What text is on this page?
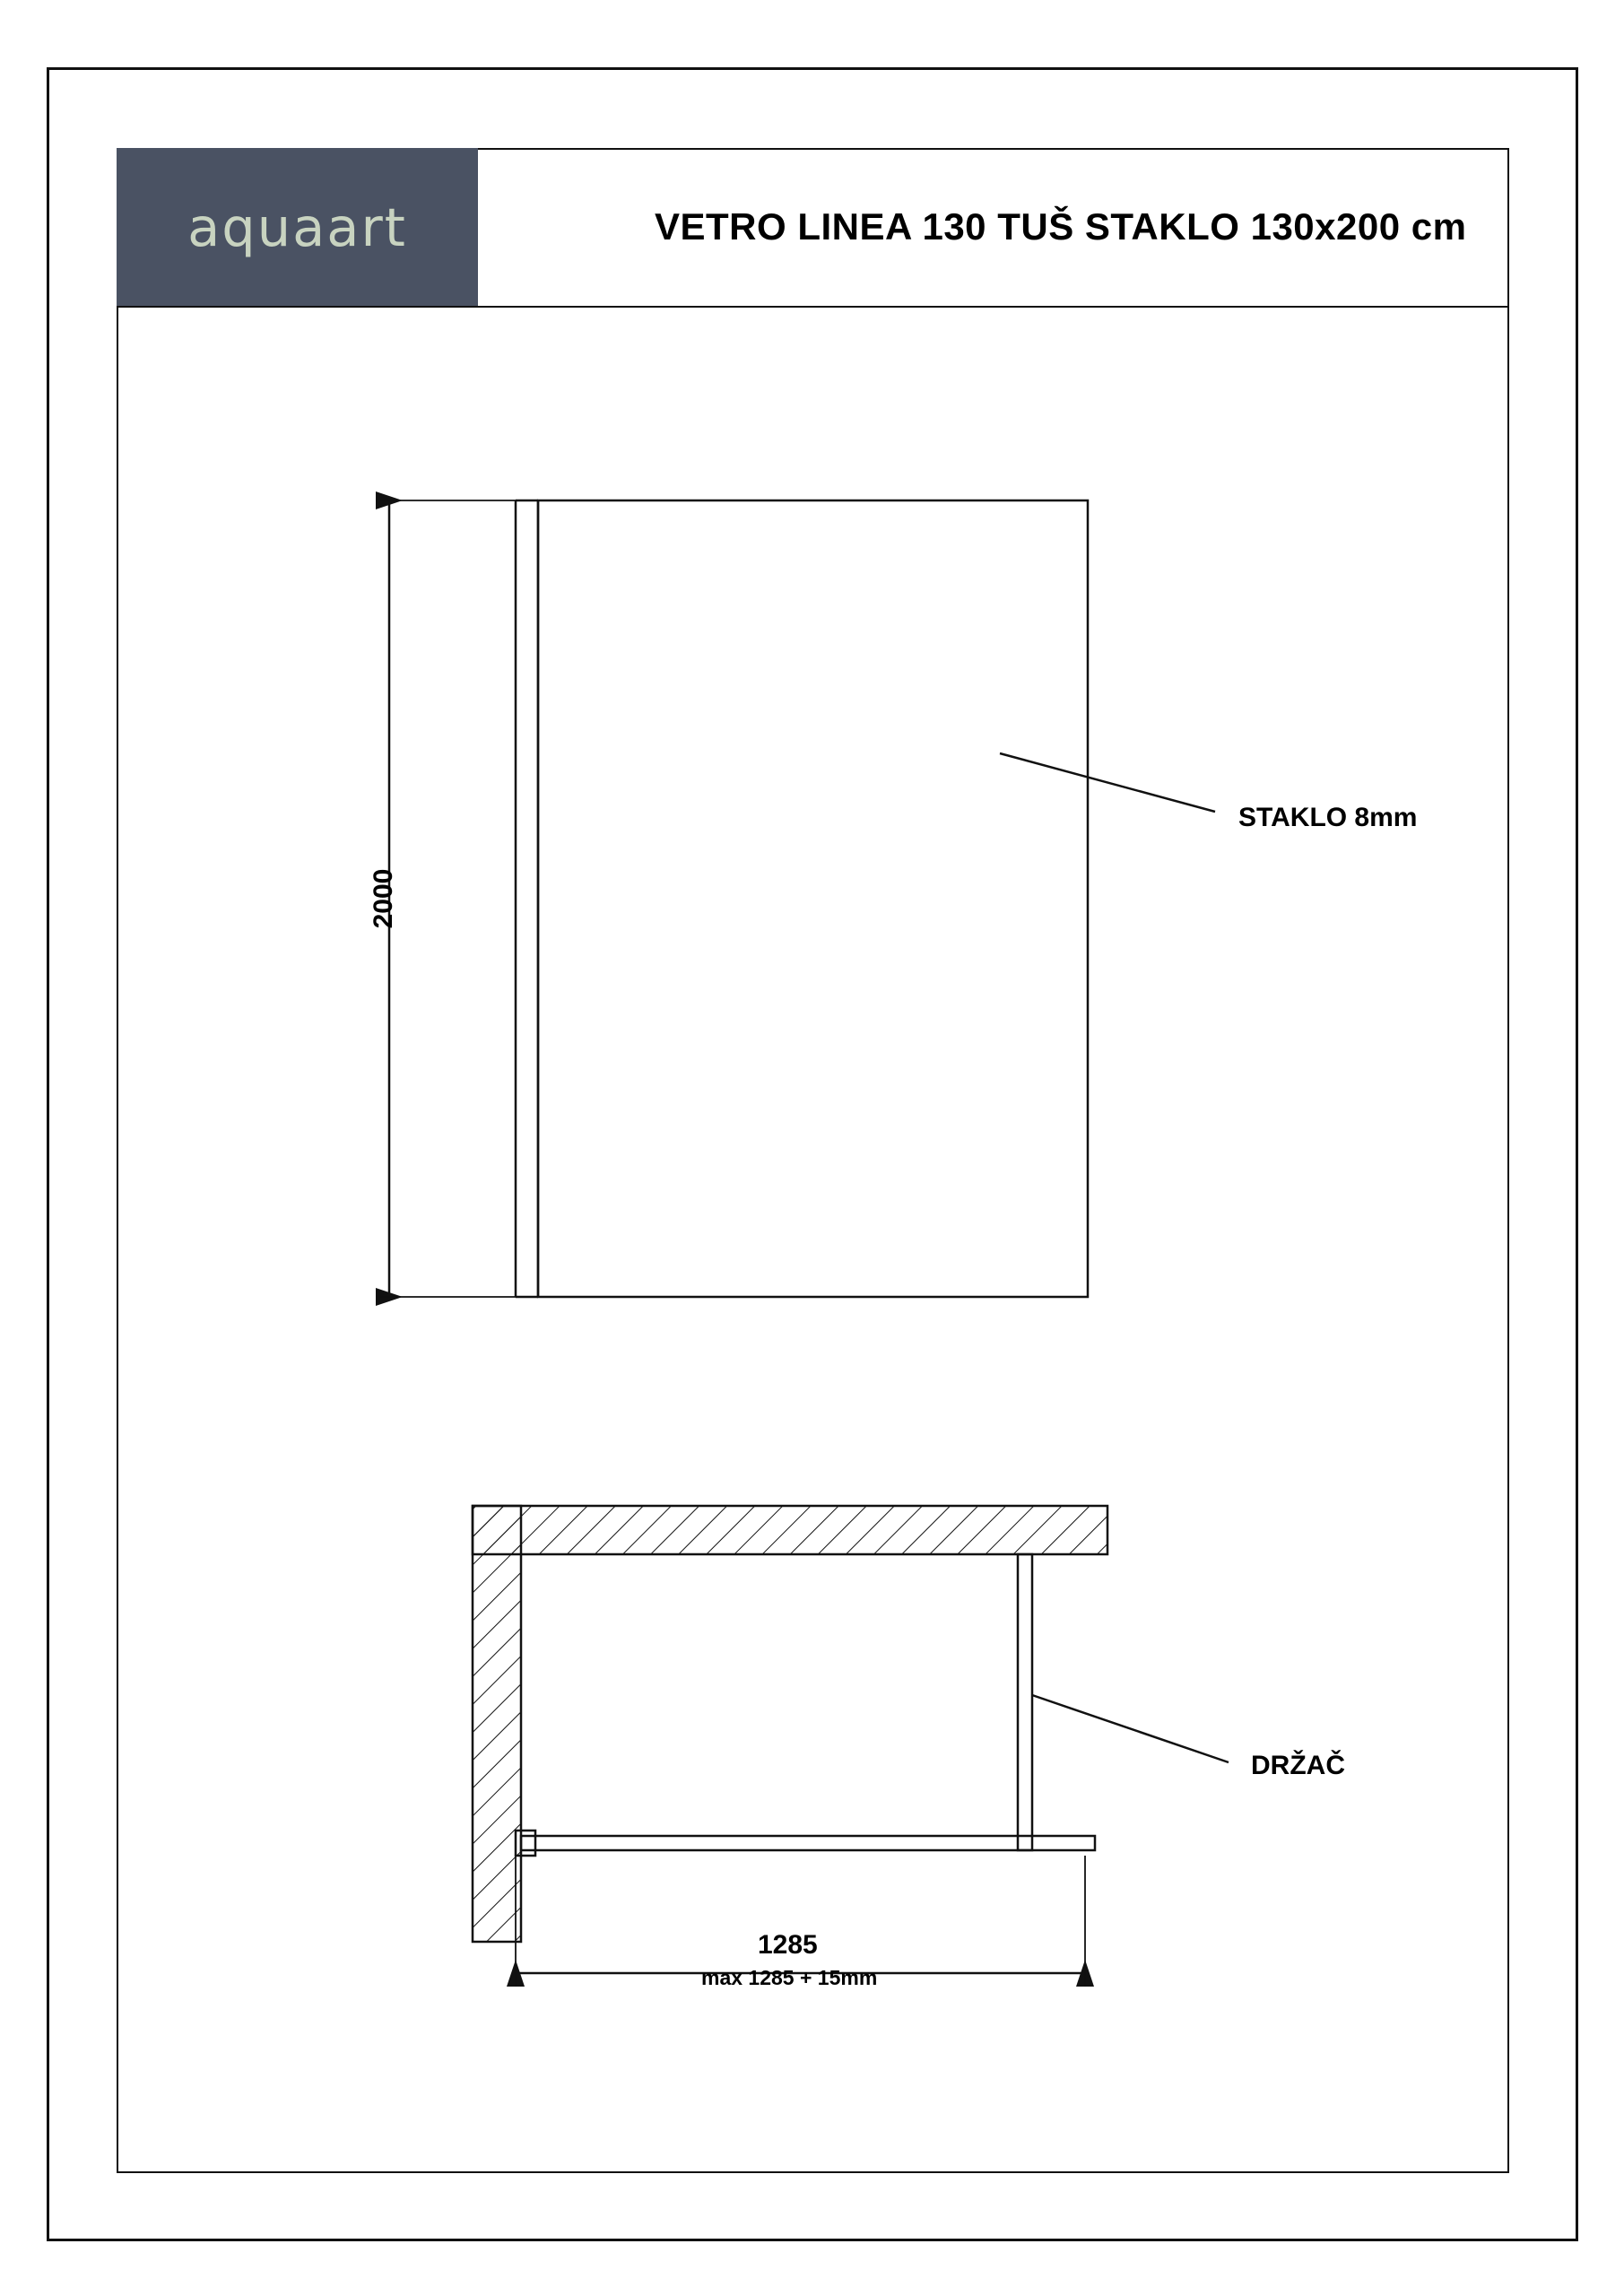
aquaart	VETRO LINEA 130 TUŠ STAKLO 130x200 cm
STAKLO 8mm
DRŽAČ
2000
1285
max 1285 + 15mm
